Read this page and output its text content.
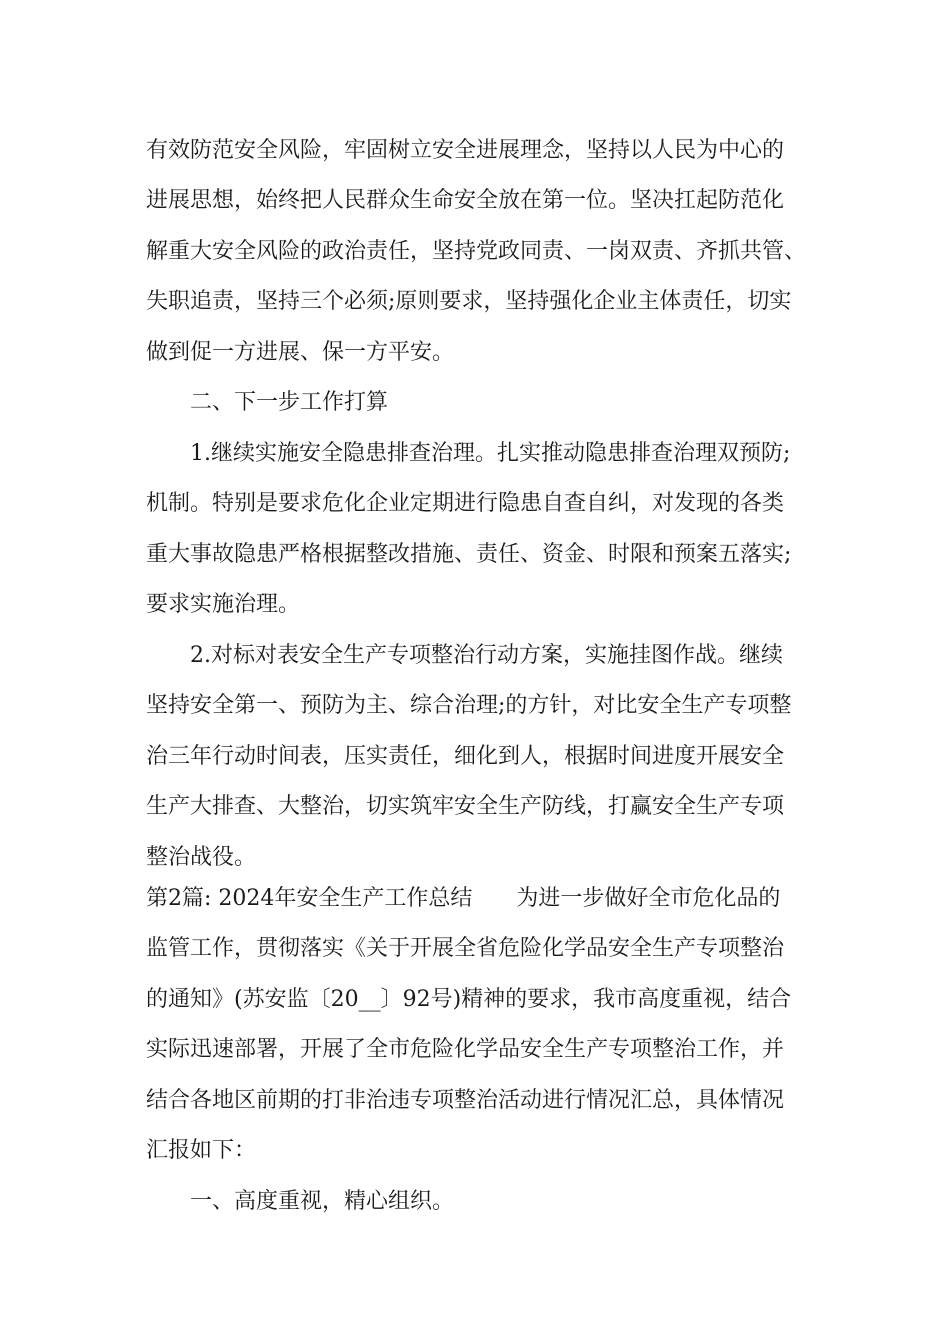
有效防范安全风险，牢固树立安全进展理念，坚持以人民为中心的
进展思想，始终把人民群众生命安全放在第一位。坚决扛起防范化
解重大安全风险的政治责任，坚持党政同责、一岗双责、齐抓共管、
失职追责，坚持三个必须;原则要求，坚持强化企业主体责任，切实
做到促一方进展、保一方平安。
二、下一步工作打算
1.继续实施安全隐患排查治理。扎实推动隐患排查治理双预防;
机制。特别是要求危化企业定期进行隐患自查自纠，对发现的各类
重大事故隐患严格根据整改措施、责任、资金、时限和预案五落实;
要求实施治理。
2.对标对表安全生产专项整治行动方案，实施挂图作战。继续
坚持安全第一、预防为主、综合治理;的方针，对比安全生产专项整
治三年行动时间表，压实责任，细化到人，根据时间进度开展安全
生产大排查、大整治，切实筑牢安全生产防线，打赢安全生产专项
整治战役。
第2篇: 2024年安全生产工作总结　　为进一步做好全市危化品的
监管工作，贯彻落实《关于开展全省危险化学品安全生产专项整治
的通知》(苏安监〔20__〕92号)精神的要求，我市高度重视，结合
实际迅速部署，开展了全市危险化学品安全生产专项整治工作，并
结合各地区前期的打非治违专项整治活动进行情况汇总，具体情况
汇报如下：
一、高度重视，精心组织。
